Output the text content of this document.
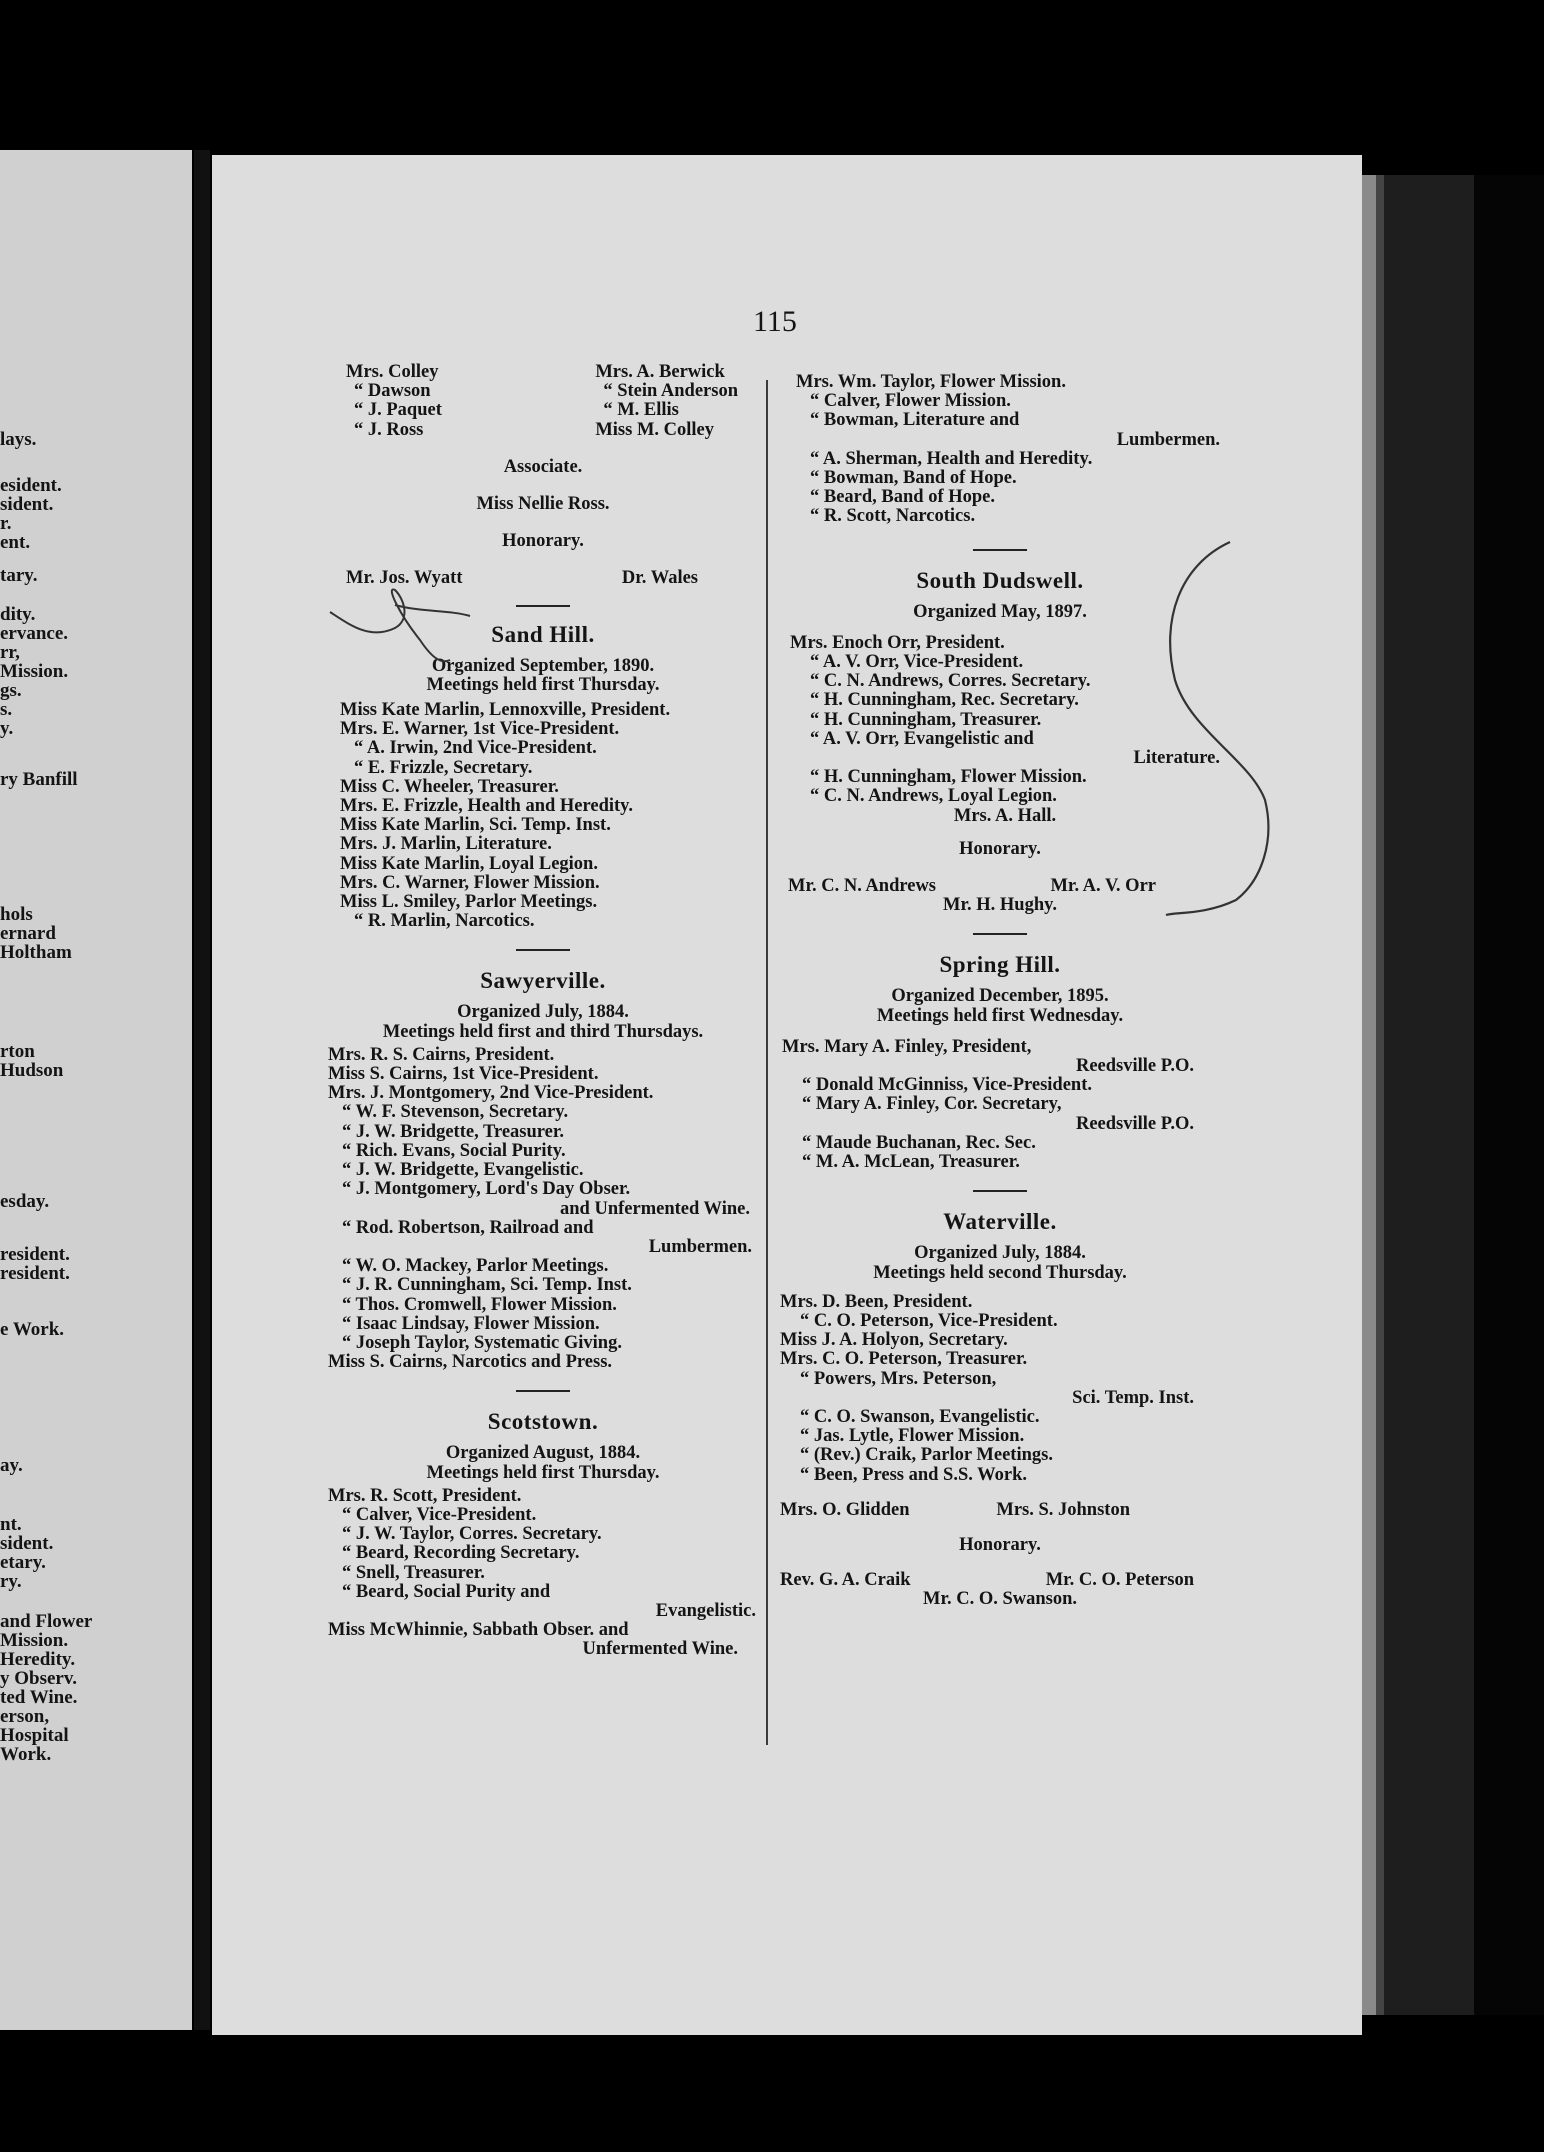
lays.
esident.
sident.
r.
ent.
tary.
dity.
ervance.
rr,
Mission.
gs.
s.
y.
ry Banfill
hols
ernard
Holtham
rton
Hudson
esday.
resident.
resident.
e Work.
ay.
nt.
sident.
etary.
ry.
and Flower
Mission.
Heredity.
y Observ.
ted Wine.
erson,
Hospital
Work.
115
Mrs. Colley
“ Dawson
“ J. Paquet
“ J. Ross
Mrs. A. Berwick
“ Stein Anderson
“ M. Ellis
Miss M. Colley
Associate.
Miss Nellie Ross.
Honorary.
Mr. Jos. Wyatt	Dr. Wales
Sand Hill.
Organized September, 1890.
Meetings held first Thursday.
Miss Kate Marlin, Lennoxville, President.
Mrs. E. Warner, 1st Vice-President.
“ A. Irwin, 2nd Vice-President.
“ E. Frizzle, Secretary.
Miss C. Wheeler, Treasurer.
Mrs. E. Frizzle, Health and Heredity.
Miss Kate Marlin, Sci. Temp. Inst.
Mrs. J. Marlin, Literature.
Miss Kate Marlin, Loyal Legion.
Mrs. C. Warner, Flower Mission.
Miss L. Smiley, Parlor Meetings.
“ R. Marlin, Narcotics.
Sawyerville.
Organized July, 1884.
Meetings held first and third Thursdays.
Mrs. R. S. Cairns, President.
Miss S. Cairns, 1st Vice-President.
Mrs. J. Montgomery, 2nd Vice-President.
“ W. F. Stevenson, Secretary.
“ J. W. Bridgette, Treasurer.
“ Rich. Evans, Social Purity.
“ J. W. Bridgette, Evangelistic.
“ J. Montgomery, Lord's Day Obser.
and Unfermented Wine.
“ Rod. Robertson, Railroad and
Lumbermen.
“ W. O. Mackey, Parlor Meetings.
“ J. R. Cunningham, Sci. Temp. Inst.
“ Thos. Cromwell, Flower Mission.
“ Isaac Lindsay, Flower Mission.
“ Joseph Taylor, Systematic Giving.
Miss S. Cairns, Narcotics and Press.
Scotstown.
Organized August, 1884.
Meetings held first Thursday.
Mrs. R. Scott, President.
“ Calver, Vice-President.
“ J. W. Taylor, Corres. Secretary.
“ Beard, Recording Secretary.
“ Snell, Treasurer.
“ Beard, Social Purity and
Evangelistic.
Miss McWhinnie, Sabbath Obser. and
Unfermented Wine.
Mrs. Wm. Taylor, Flower Mission.
“ Calver, Flower Mission.
“ Bowman, Literature and
Lumbermen.
“ A. Sherman, Health and Heredity.
“ Bowman, Band of Hope.
“ Beard, Band of Hope.
“ R. Scott, Narcotics.
South Dudswell.
Organized May, 1897.
Mrs. Enoch Orr, President.
“ A. V. Orr, Vice-President.
“ C. N. Andrews, Corres. Secretary.
“ H. Cunningham, Rec. Secretary.
“ H. Cunningham, Treasurer.
“ A. V. Orr, Evangelistic and
Literature.
“ H. Cunningham, Flower Mission.
“ C. N. Andrews, Loyal Legion.
Mrs. A. Hall.
Honorary.
Mr. C. N. Andrews	Mr. A. V. Orr
Mr. H. Hughy.
Spring Hill.
Organized December, 1895.
Meetings held first Wednesday.
Mrs. Mary A. Finley, President,
Reedsville P.O.
“ Donald McGinniss, Vice-President.
“ Mary A. Finley, Cor. Secretary,
Reedsville P.O.
“ Maude Buchanan, Rec. Sec.
“ M. A. McLean, Treasurer.
Waterville.
Organized July, 1884.
Meetings held second Thursday.
Mrs. D. Been, President.
“ C. O. Peterson, Vice-President.
Miss J. A. Holyon, Secretary.
Mrs. C. O. Peterson, Treasurer.
“ Powers, Mrs. Peterson,
Sci. Temp. Inst.
“ C. O. Swanson, Evangelistic.
“ Jas. Lytle, Flower Mission.
“ (Rev.) Craik, Parlor Meetings.
“ Been, Press and S.S. Work.
Mrs. O. Glidden	Mrs. S. Johnston
Honorary.
Rev. G. A. Craik	Mr. C. O. Peterson
Mr. C. O. Swanson.
